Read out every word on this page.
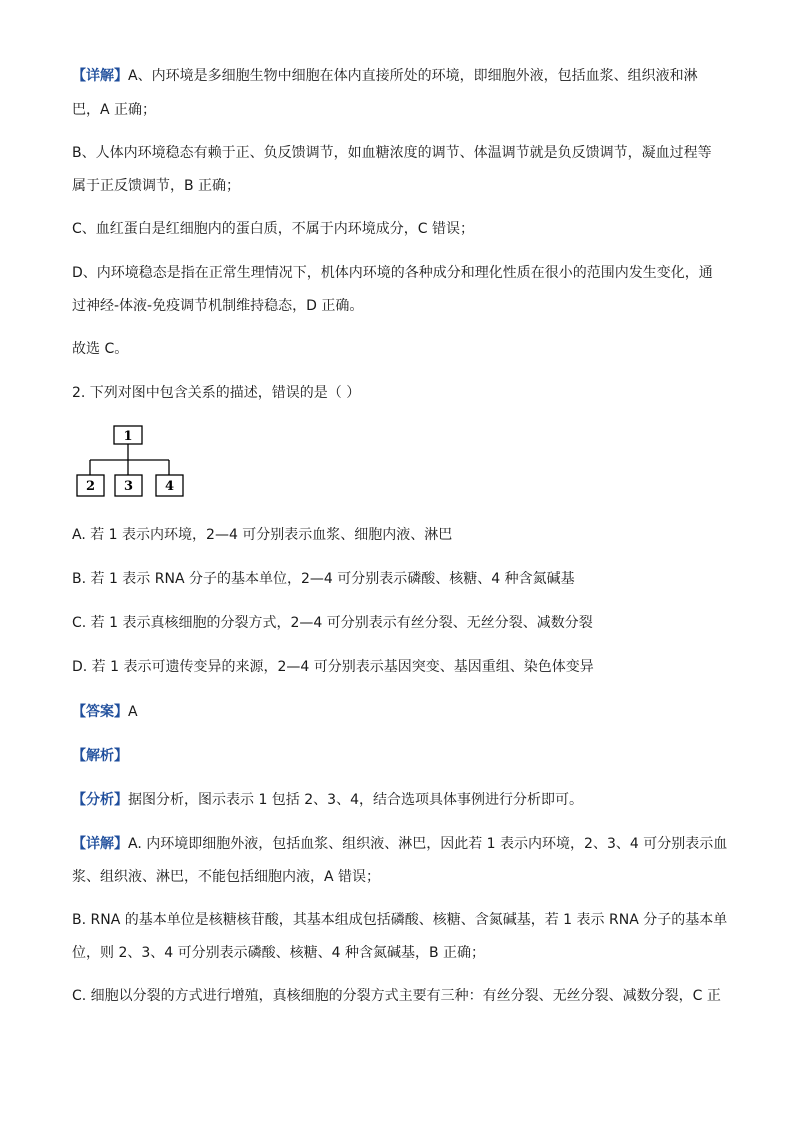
【详解】A、内环境是多细胞生物中细胞在体内直接所处的环境，即细胞外液，包括血浆、组织液和淋
巴，A 正确；
B、人体内环境稳态有赖于正、负反馈调节，如血糖浓度的调节、体温调节就是负反馈调节，凝血过程等
属于正反馈调节，B 正确；
C、血红蛋白是红细胞内的蛋白质，不属于内环境成分，C 错误；
D、内环境稳态是指在正常生理情况下，机体内环境的各种成分和理化性质在很小的范围内发生变化，通
过神经-体液-免疫调节机制维持稳态，D 正确。
故选 C。
2. 下列对图中包含关系的描述，错误的是（ ）
1
2 3 4
A. 若 1 表示内环境，2—4 可分别表示血浆、细胞内液、淋巴
B. 若 1 表示 RNA 分子的基本单位，2—4 可分别表示磷酸、核糖、4 种含氮碱基
C. 若 1 表示真核细胞的分裂方式，2—4 可分别表示有丝分裂、无丝分裂、减数分裂
D. 若 1 表示可遗传变异的来源，2—4 可分别表示基因突变、基因重组、染色体变异
【答案】A
【解析】
【分析】据图分析，图示表示 1 包括 2、3、4，结合选项具体事例进行分析即可。
【详解】A. 内环境即细胞外液，包括血浆、组织液、淋巴，因此若 1 表示内环境，2、3、4 可分别表示血
浆、组织液、淋巴，不能包括细胞内液，A 错误；
B. RNA 的基本单位是核糖核苷酸，其基本组成包括磷酸、核糖、含氮碱基，若 1 表示 RNA 分子的基本单
位，则 2、3、4 可分别表示磷酸、核糖、4 种含氮碱基，B 正确；
C. 细胞以分裂的方式进行增殖，真核细胞的分裂方式主要有三种：有丝分裂、无丝分裂、减数分裂，C 正
